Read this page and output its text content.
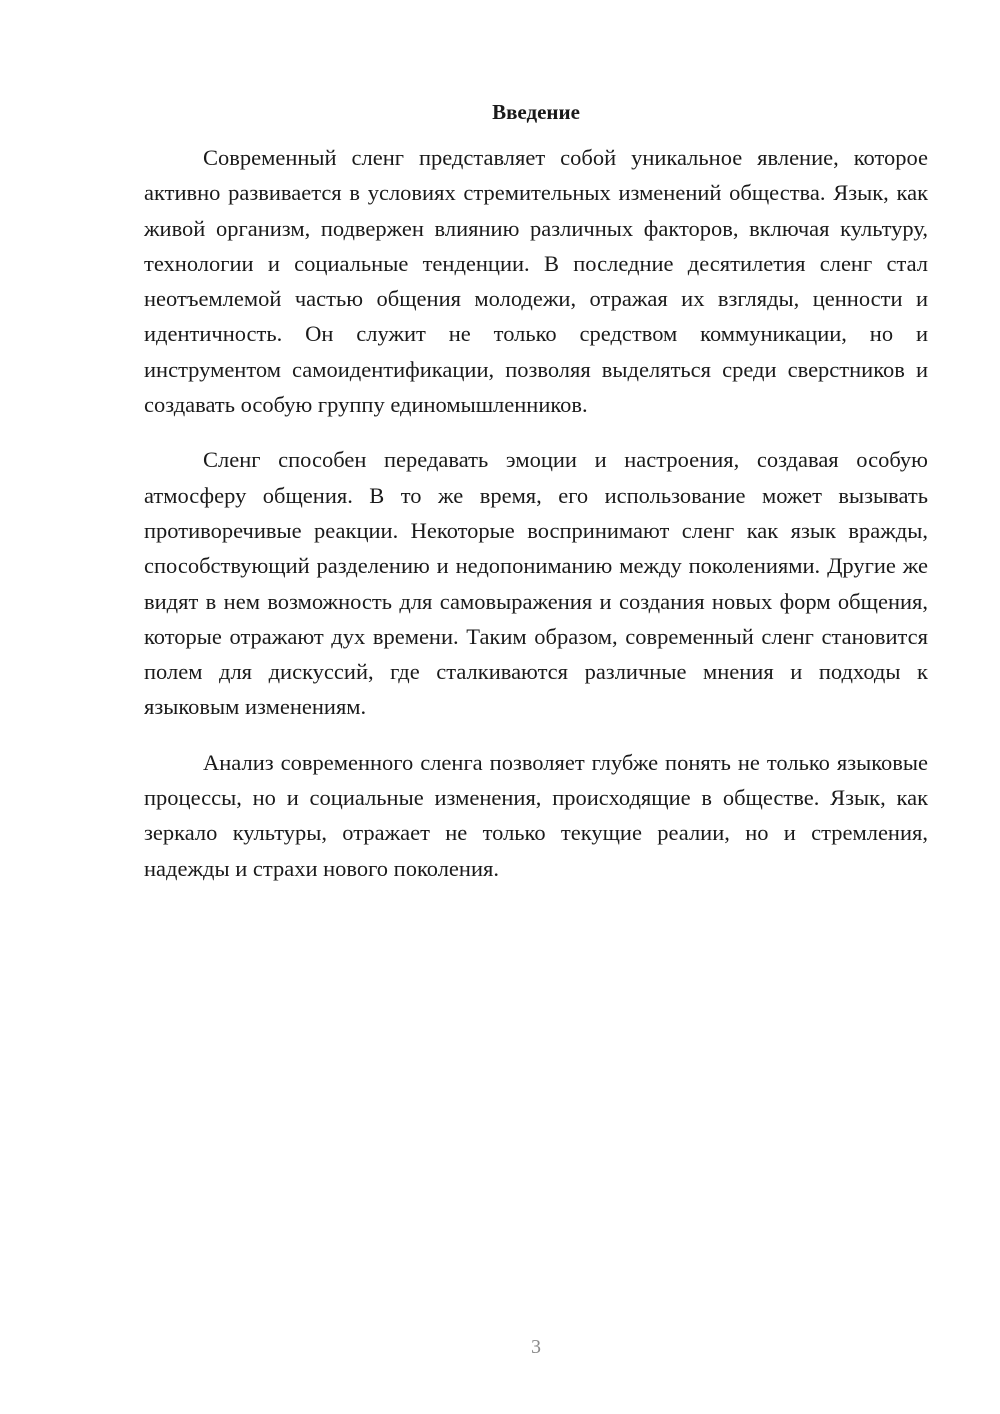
Введение

Современный сленг представляет собой уникальное явление, которое активно развивается в условиях стремительных изменений общества. Язык, как живой организм, подвержен влиянию различных факторов, включая культуру, технологии и социальные тенденции. В последние десятилетия сленг стал неотъемлемой частью общения молодежи, отражая их взгляды, ценности и идентичность. Он служит не только средством коммуникации, но и инструментом самоидентификации, позволяя выделяться среди сверстников и создавать особую группу единомышленников.

Сленг способен передавать эмоции и настроения, создавая особую атмосферу общения. В то же время, его использование может вызывать противоречивые реакции. Некоторые воспринимают сленг как язык вражды, способствующий разделению и недопониманию между поколениями. Другие же видят в нем возможность для самовыражения и создания новых форм общения, которые отражают дух времени. Таким образом, современный сленг становится полем для дискуссий, где сталкиваются различные мнения и подходы к языковым изменениям.

Анализ современного сленга позволяет глубже понять не только языковые процессы, но и социальные изменения, происходящие в обществе. Язык, как зеркало культуры, отражает не только текущие реалии, но и стремления, надежды и страхи нового поколения.

3
